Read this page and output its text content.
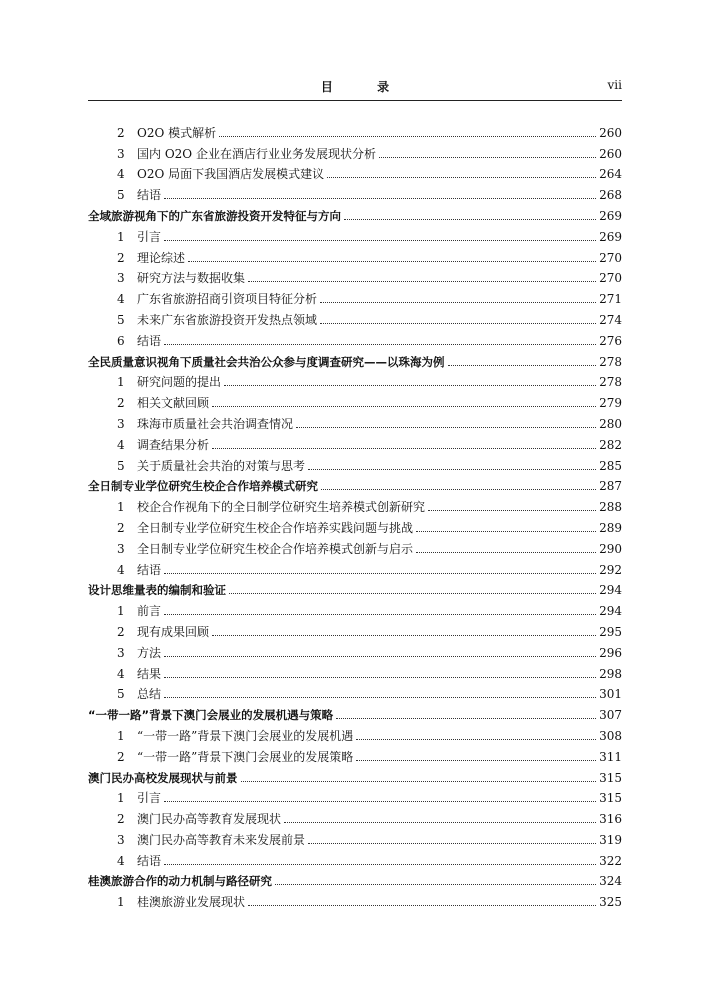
目 录	vii
2	O2O 模式解析	260
3	国内 O2O 企业在酒店行业业务发展现状分析	260
4	O2O 局面下我国酒店发展模式建议	264
5	结语	268
全域旅游视角下的广东省旅游投资开发特征与方向	269
1	引言	269
2	理论综述	270
3	研究方法与数据收集	270
4	广东省旅游招商引资项目特征分析	271
5	未来广东省旅游投资开发热点领域	274
6	结语	276
全民质量意识视角下质量社会共治公众参与度调查研究——以珠海为例	278
1	研究问题的提出	278
2	相关文献回顾	279
3	珠海市质量社会共治调查情况	280
4	调查结果分析	282
5	关于质量社会共治的对策与思考	285
全日制专业学位研究生校企合作培养模式研究	287
1	校企合作视角下的全日制学位研究生培养模式创新研究	288
2	全日制专业学位研究生校企合作培养实践问题与挑战	289
3	全日制专业学位研究生校企合作培养模式创新与启示	290
4	结语	292
设计思维量表的编制和验证	294
1	前言	294
2	现有成果回顾	295
3	方法	296
4	结果	298
5	总结	301
“一带一路”背景下澳门会展业的发展机遇与策略	307
1	“一带一路”背景下澳门会展业的发展机遇	308
2	“一带一路”背景下澳门会展业的发展策略	311
澳门民办高校发展现状与前景	315
1	引言	315
2	澳门民办高等教育发展现状	316
3	澳门民办高等教育未来发展前景	319
4	结语	322
桂澳旅游合作的动力机制与路径研究	324
1	桂澳旅游业发展现状	325
